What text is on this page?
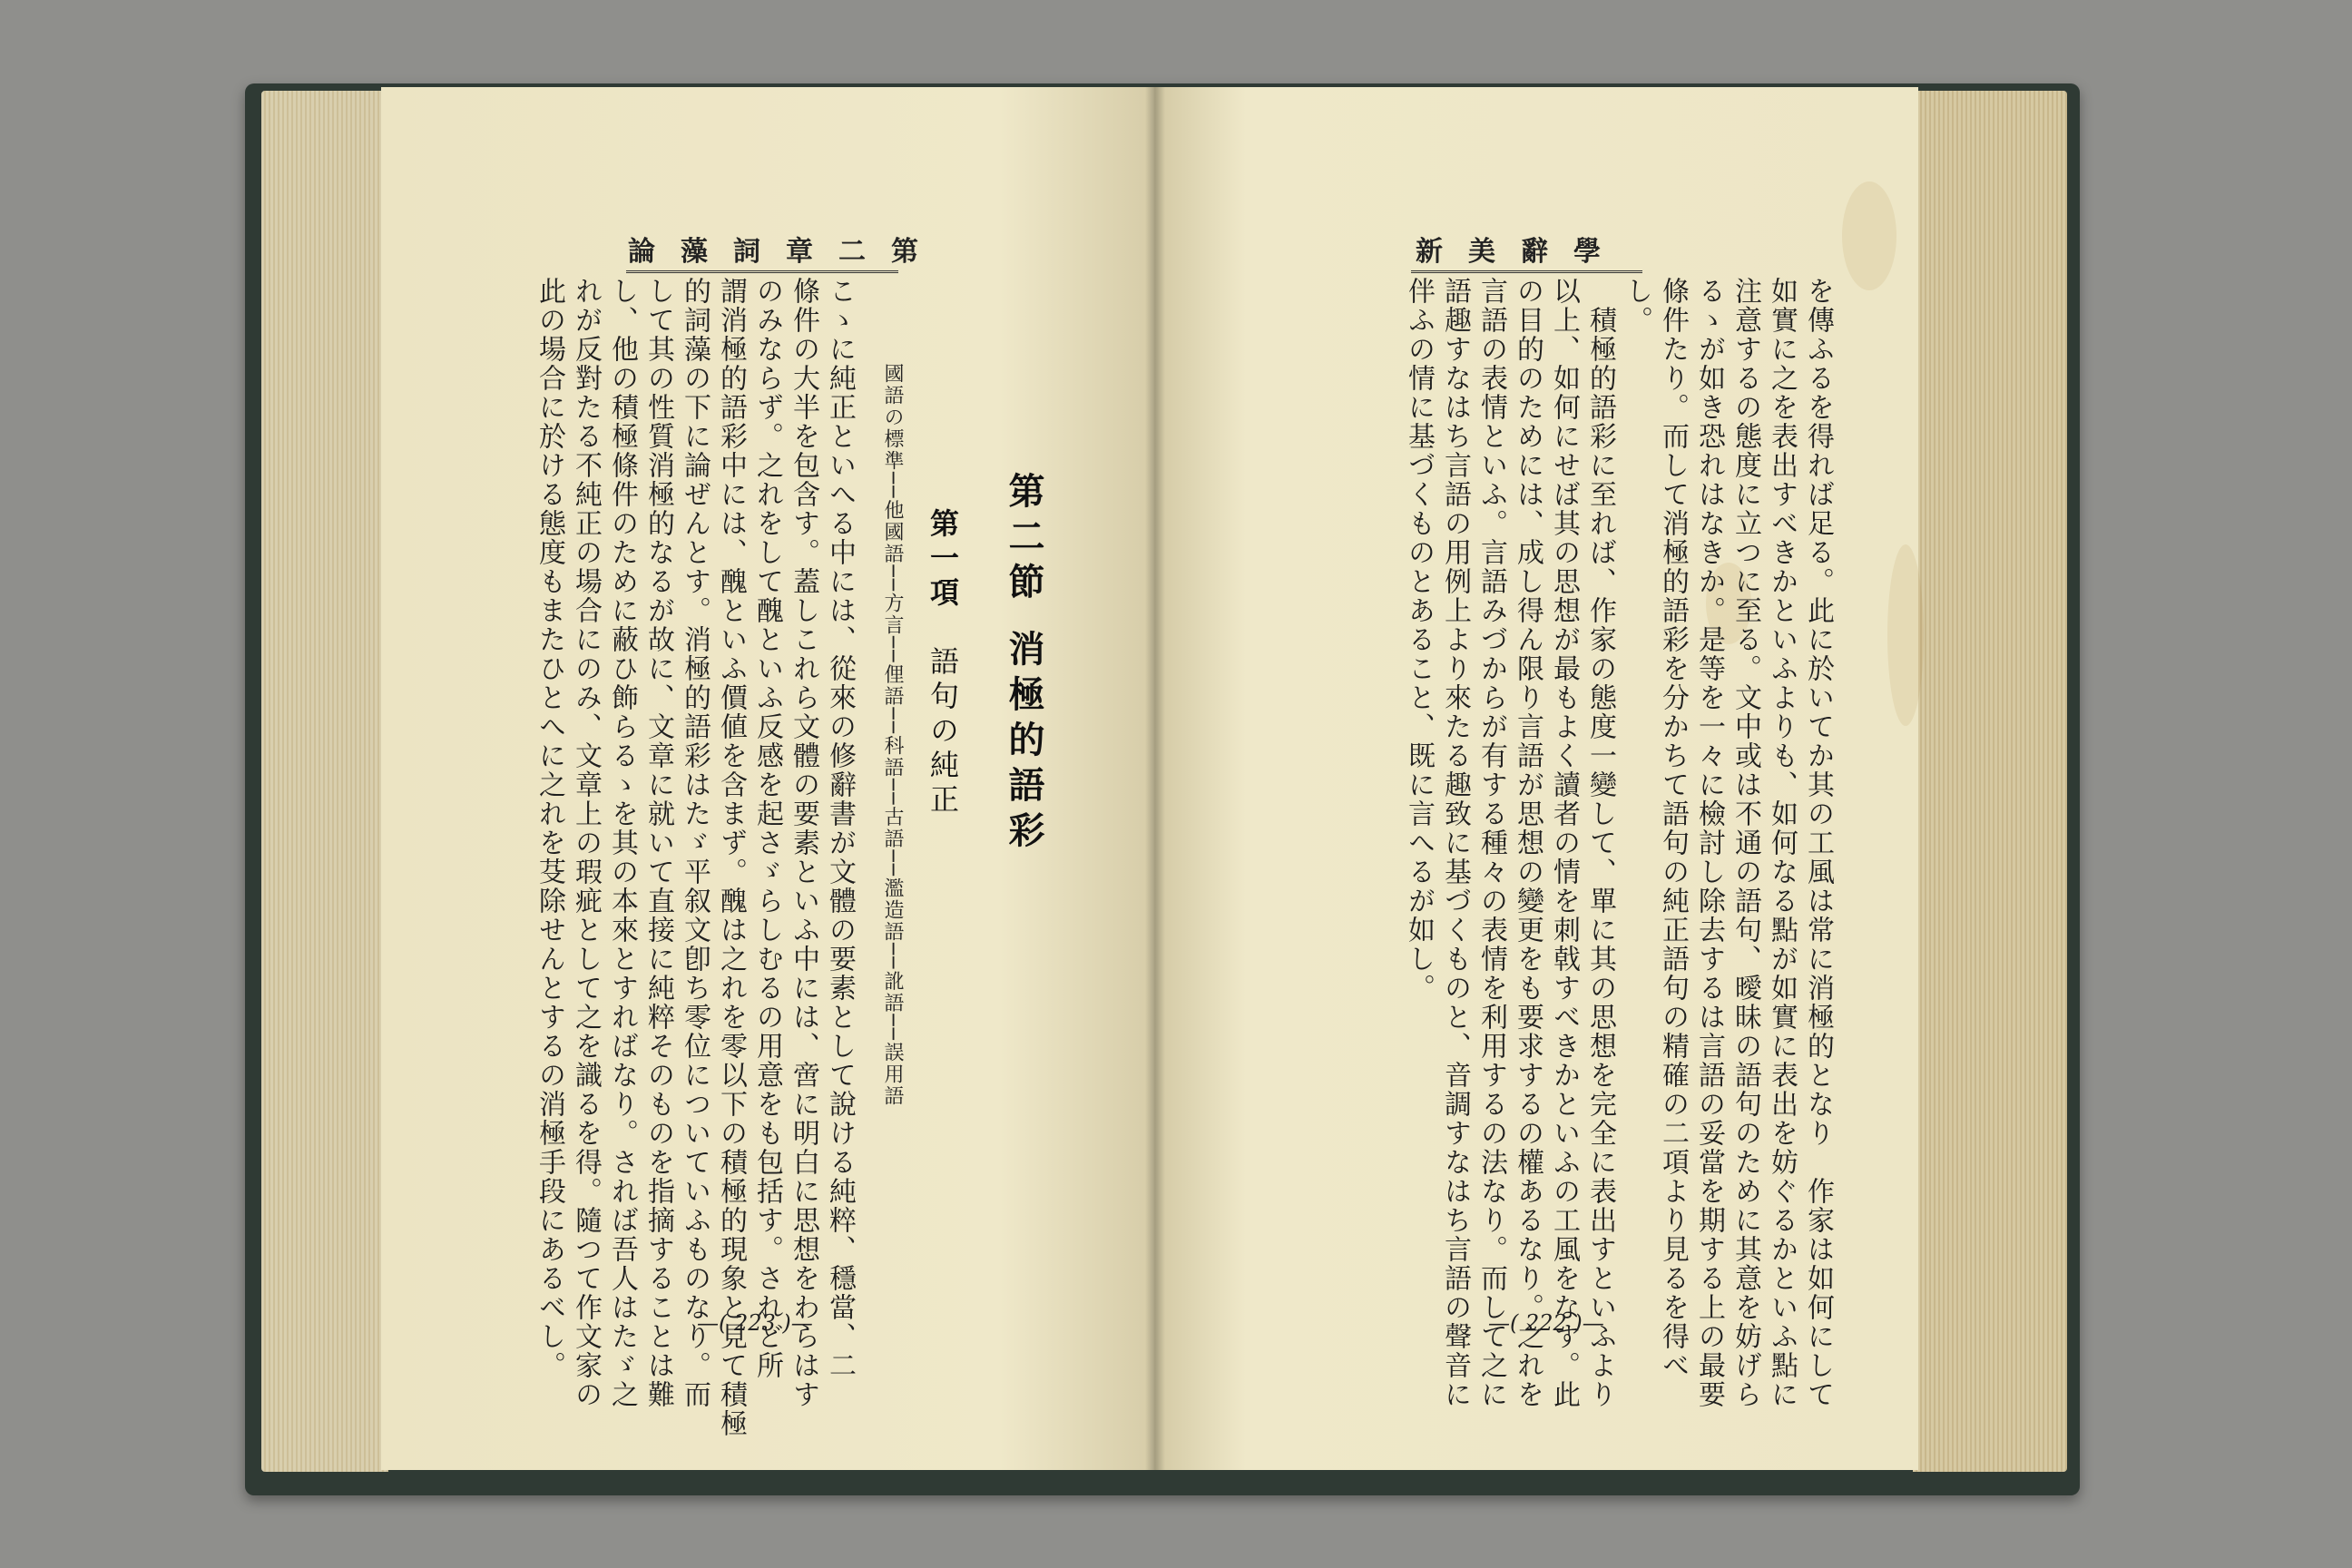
論藻詞章二第
第二節 消極的語彩
第一項　語句の純正
國語の標準──他國語──方言──俚語──科語──古語──濫造語──訛語──誤用語
こゝに純正といへる中には、從來の修辭書が文體の要素として說ける純粹、穩當、二
條件の大半を包含す。蓋しこれら文體の要素といふ中には、啻に明白に思想をわらはす
のみならず。之れをして醜といふ反感を起さゞらしむるの用意をも包括す。されど所
謂消極的語彩中には、醜といふ價値を含まず。醜は之れを零以下の積極的現象と見て積極
的詞藻の下に論ぜんとす。消極的語彩はたゞ平叙文卽ち零位についていふものなり。而
して其の性質消極的なるが故に、文章に就いて直接に純粹そのものを指摘することは難
し、他の積極條件のために蔽ひ飾らるゝを其の本來とすればなり。されば吾人はたゞ之
れが反對たる不純正の場合にのみ、文章上の瑕疵として之を識るを得。隨つて作文家の
此の場合に於ける態度もまたひとへに之れを芟除せんとするの消極手段にあるべし。	—( 223 )—
新美辭學
を傳ふるを得れば足る。此に於いてか其の工風は常に消極的となり　作家は如何にして
如實に之を表出すべきかといふよりも、如何なる點が如實に表出を妨ぐるかといふ點に
注意するの態度に立つに至る。文中或は不通の語句、曖昧の語句のために其意を妨げら
るゝが如き恐れはなきか。是等を一々に檢討し除去するは言語の妥當を期する上の最要
條件たり。而して消極的語彩を分かちて語句の純正語句の精確の二項より見るを得べ
し。
　積極的語彩に至れば、作家の態度一變して、單に其の思想を完全に表出すといふより
以上、如何にせば其の思想が最もよく讀者の情を刺戟すべきかといふの工風をなす。此
の目的のためには、成し得ん限り言語が思想の變更をも要求するの權あるなり。之れを
言語の表情といふ。言語みづからが有する種々の表情を利用するの法なり。而して之に
語趣すなはち言語の用例上より來たる趣致に基づくものと、音調すなはち言語の聲音に
伴ふの情に基づくものとあること、既に言へるが如し。
—( 222 )—
